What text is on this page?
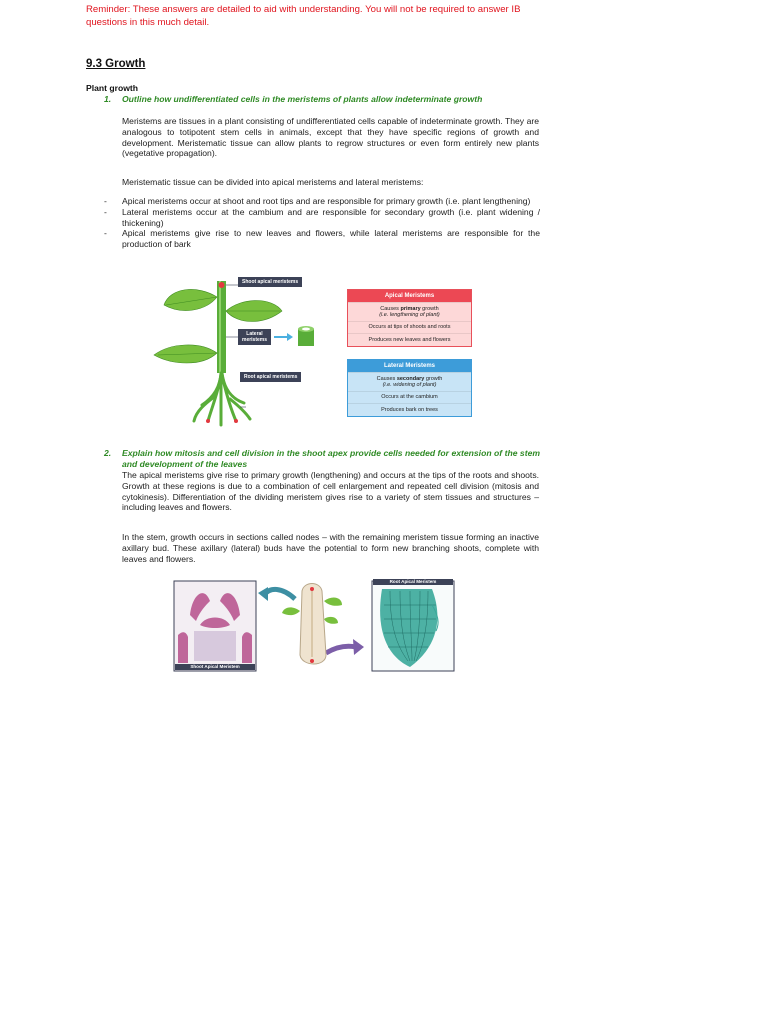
Reminder: These answers are detailed to aid with understanding. You will not be required to answer IB questions in this much detail.
9.3 Growth
Plant growth
1.	Outline how undifferentiated cells in the meristems of plants allow indeterminate growth
Meristems are tissues in a plant consisting of undifferentiated cells capable of indeterminate growth. They are analogous to totipotent stem cells in animals, except that they have specific regions of growth and development. Meristematic tissue can allow plants to regrow structures or even form entirely new plants (vegetative propagation).
Meristematic tissue can be divided into apical meristems and lateral meristems:
- Apical meristems occur at shoot and root tips and are responsible for primary growth (i.e. plant lengthening)
- Lateral meristems occur at the cambium and are responsible for secondary growth (i.e. plant widening / thickening)
- Apical meristems give rise to new leaves and flowers, while lateral meristems are responsible for the production of bark
Shoot apical meristems
Lateral
meristems
Root apical meristems
Apical Meristems
Causes primary growth
(i.e. lengthening of plant)
Occurs at tips of shoots and roots
Produces new leaves and flowers
Lateral Meristems
Causes secondary growth
(i.e. widening of plant)
Occurs at the cambium
Produces bark on trees
2.	Explain how mitosis and cell division in the shoot apex provide cells needed for extension of the stem and development of the leaves
The apical meristems give rise to primary growth (lengthening) and occurs at the tips of the roots and shoots. Growth at these regions is due to a combination of cell enlargement and repeated cell division (mitosis and cytokinesis). Differentiation of the dividing meristem gives rise to a variety of stem tissues and structures – including leaves and flowers.
In the stem, growth occurs in sections called nodes – with the remaining meristem tissue forming an inactive axillary bud. These axillary (lateral) buds have the potential to form new branching shoots, complete with leaves and flowers.
Shoot Apical Meristem
Root Apical Meristem
